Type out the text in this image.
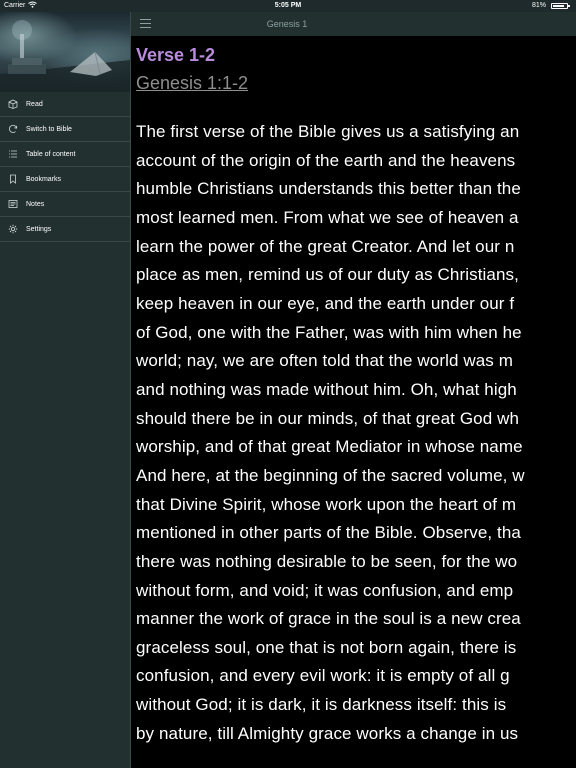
Carrier	5:05 PM	81%
Read
Switch to Bible
Table of content
Bookmarks
Notes
Settings
Genesis 1
Verse 1-2
Genesis 1:1-2
The first verse of the Bible gives us a satisfying an
account of the origin of the earth and the heavens
humble Christians understands this better than the
most learned men. From what we see of heaven a
learn the power of the great Creator. And let our n
place as men, remind us of our duty as Christians,
keep heaven in our eye, and the earth under our f
of God, one with the Father, was with him when he
world; nay, we are often told that the world was m
and nothing was made without him. Oh, what high
should there be in our minds, of that great God wh
worship, and of that great Mediator in whose name
And here, at the beginning of the sacred volume, w
that Divine Spirit, whose work upon the heart of m
mentioned in other parts of the Bible. Observe, tha
there was nothing desirable to be seen, for the wo
without form, and void; it was confusion, and emp
manner the work of grace in the soul is a new crea
graceless soul, one that is not born again, there is
confusion, and every evil work: it is empty of all g
without God; it is dark, it is darkness itself: this is
by nature, till Almighty grace works a change in us
